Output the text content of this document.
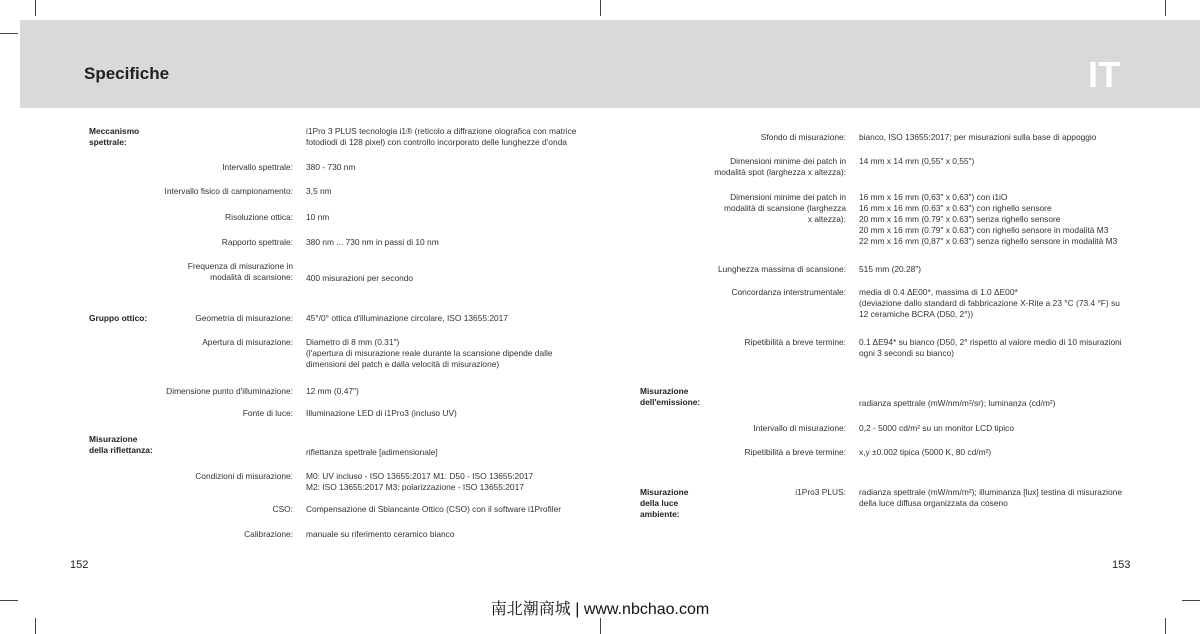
Specifiche	IT
Meccanismo
spettrale:
i1Pro 3 PLUS tecnologia i1® (reticolo a diffrazione olografica con matrice
fotodiodi di 128 pixel) con controllo incorporato delle lunghezze d'onda
Intervallo spettrale: 380 - 730 nm
Intervallo fisico di campionamento: 3,5 nm
Risoluzione ottica: 10 nm
Rapporto spettrale: 380 nm ... 730 nm in passi di 10 nm
Frequenza di misurazione in
modalità di scansione: 400 misurazioni per secondo
Gruppo ottico:	Geometria di misurazione: 45°/0° ottica d'illuminazione circolare, ISO 13655:2017
Apertura di misurazione: Diametro di 8 mm (0.31")
(l'apertura di misurazione reale durante la scansione dipende dalle
dimensioni dei patch e dalla velocità di misurazione)
Dimensione punto d'illuminazione: 12 mm (0.47")
Fonte di luce: Illuminazione LED di i1Pro3 (incluso UV)
Misurazione
della riflettanza:	riflettanza spettrale [adimensionale]
Condizioni di misurazione: M0: UV incluso - ISO 13655:2017 M1: D50 - ISO 13655:2017
M2: ISO 13655:2017 M3: polarizzazione - ISO 13655:2017
CSO: Compensazione di Sbiancante Ottico (CSO) con il software i1Profiler
Calibrazione: manuale su riferimento ceramico bianco
Sfondo di misurazione: bianco, ISO 13655:2017; per misurazioni sulla base di appoggio
Dimensioni minime dei patch in
modalità spot (larghezza x altezza):
14 mm x 14 mm (0,55" x 0,55")
Dimensioni minime dei patch in
modalità di scansione (larghezza
x altezza):
16 mm x 16 mm (0,63" x 0,63") con i1iO
16 mm x 16 mm (0.63" x 0.63") con righello sensore
20 mm x 16 mm (0.79" x 0.63") senza righello sensore
20 mm x 16 mm (0.79" x 0.63") con righello sensore in modalità M3
22 mm x 16 mm (0,87" x 0.63") senza righello sensore in modalità M3
Lunghezza massima di scansione: 515 mm (20.28")
Concordanza interstrumentale: media di 0.4 ΔE00*, massima di 1.0 ΔE00*
(deviazione dallo standard di fabbricazione X-Rite a 23 °C (73.4 °F) su
12 ceramiche BCRA (D50, 2°))
Ripetibilità a breve termine: 0.1 ΔE94* su bianco (D50, 2° rispetto al valore medio di 10 misurazioni
ogni 3 secondi su bianco)
Misurazione
dell'emissione:	radianza spettrale (mW/nm/m²/sr); luminanza (cd/m²)
Intervallo di misurazione: 0,2 - 5000 cd/m² su un monitor LCD tipico
Ripetibilità a breve termine: x,y ±0.002 tipica (5000 K, 80 cd/m²)
Misurazione
della luce
ambiente:
i1Pro3 PLUS: radianza spettrale (mW/nm/m²); illuminanza [lux] testina di misurazione
della luce diffusa organizzata da coseno
152	153
南北潮商城 | www.nbchao.com
